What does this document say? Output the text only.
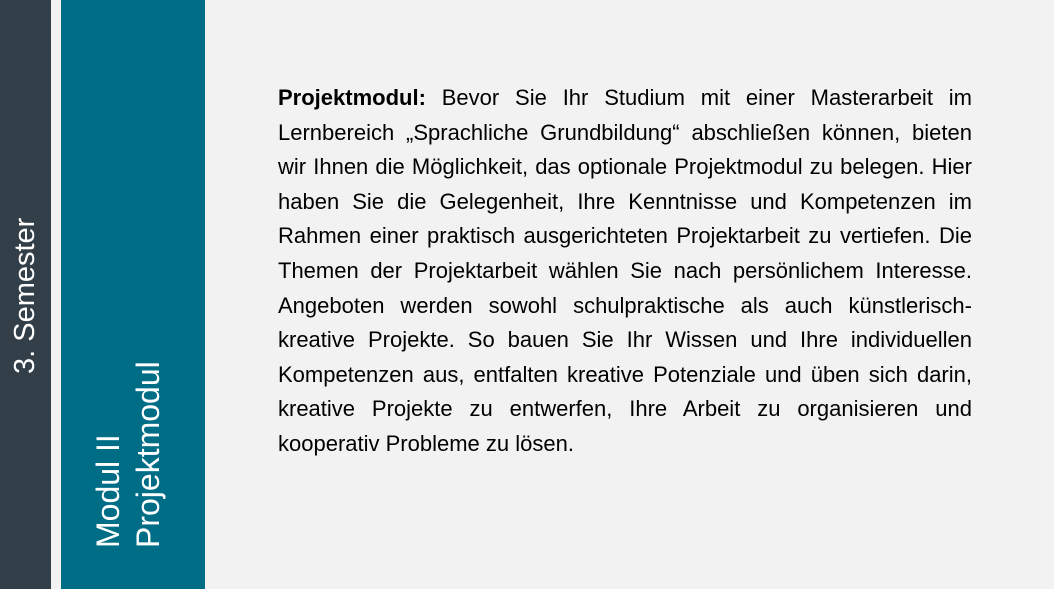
3. Semester
Modul II Projektmodul
Projektmodul: Bevor Sie Ihr Studium mit einer Masterarbeit im Lernbereich „Sprachliche Grundbildung“ abschließen können, bieten wir Ihnen die Möglichkeit, das optionale Projektmodul zu belegen. Hier haben Sie die Gelegenheit, Ihre Kenntnisse und Kompetenzen im Rahmen einer praktisch ausgerichteten Projektarbeit zu vertiefen. Die Themen der Projektarbeit wählen Sie nach persönlichem Interesse. Angeboten werden sowohl schulpraktische als auch künstlerisch-kreative Projekte. So bauen Sie Ihr Wissen und Ihre individuellen Kompetenzen aus, entfalten kreative Potenziale und üben sich darin, kreative Projekte zu entwerfen, Ihre Arbeit zu organisieren und kooperativ Probleme zu lösen.
